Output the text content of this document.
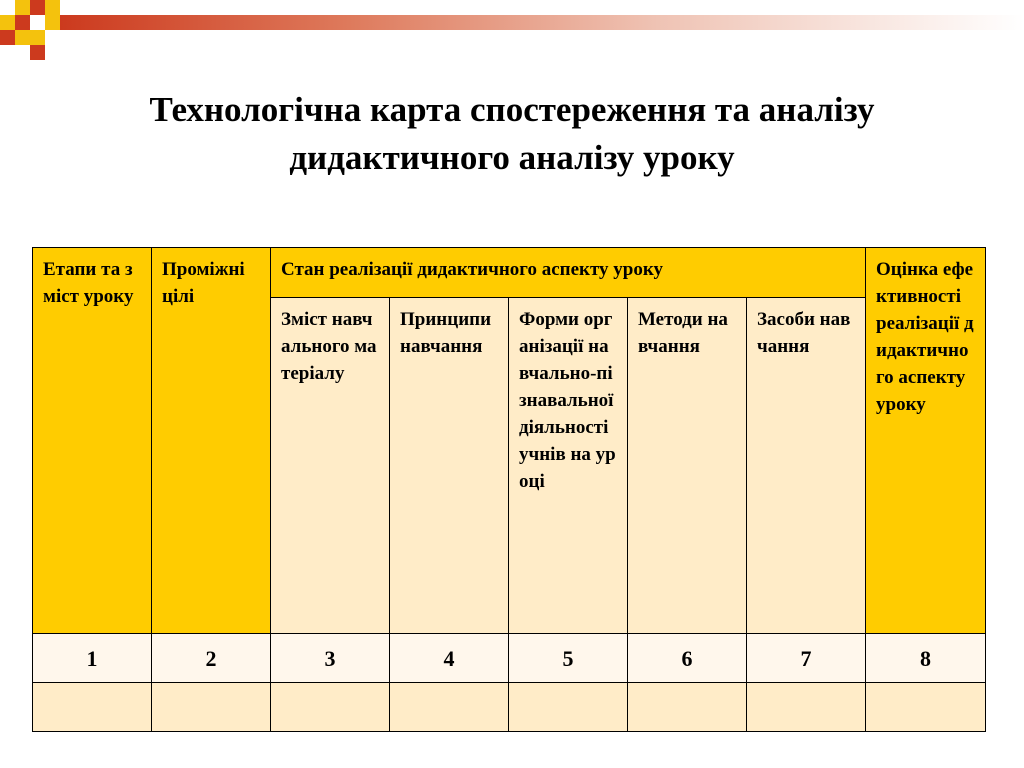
Технологічна карта спостереження та аналізу
дидактичного аналізу уроку
Етапи та зміст уроку	Проміжні цілі	Стан реалізації дидактичного аспекту уроку					Оцінка ефективності реалізації дидактичного аспекту уроку
		Зміст навчального матеріалу	Принципи навчання	Форми організації навчально-пізнавальної діяльності учнів на уроці	Методи навчання	Засоби навчання	
1	2	3	4	5	6	7	8
